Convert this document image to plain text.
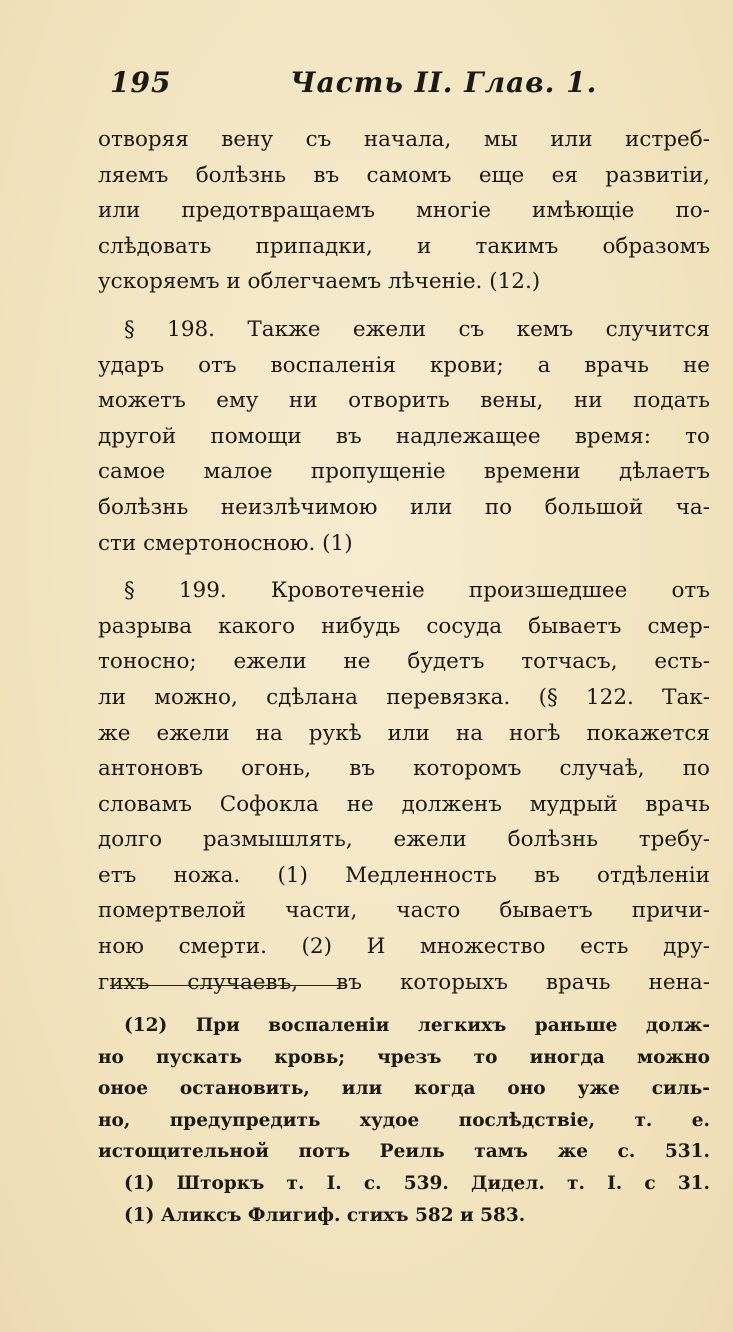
195	Часть II. Глав. 1.

отворяя вену съ начала, мы или истреб-
ляемъ болѣзнь въ самомъ еще ея развитіи,
или предотвращаемъ многіе имѣющіе по-
слѣдовать припадки, и такимъ образомъ
ускоряемъ и облегчаемъ лѣченіе. (12.)

§ 198. Также ежели съ кемъ случится
ударъ отъ воспаленія крови; а врачь не
можетъ ему ни отворить вены, ни подать
другой помощи въ надлежащее время: то
самое малое пропущеніе времени дѣлаетъ
болѣзнь неизлѣчимою или по большой ча-
сти смертоносною. (1)

§ 199. Кровотеченіе произшедшее отъ
разрыва какого нибудь сосуда бываетъ смер-
тоносно; ежели не будетъ тотчасъ, есть-
ли можно, сдѣлана перевязка. (§ 122. Так-
же ежели на рукѣ или на ногѣ покажется
антоновъ огонь, въ которомъ случаѣ, по
словамъ Софокла не долженъ мудрый врачь
долго размышлять, ежели болѣзнь требу-
етъ ножа. (1) Медленность въ отдѣленіи
помертвелой части, часто бываетъ причи-
ною смерти. (2) И множество есть дру-
гихъ случаевъ, въ которыхъ врачь нена-

(12) При воспаленіи легкихъ раньше долж-
но пускать кровь; чрезъ то иногда можно
оное остановить, или когда оно уже силь-
но, предупредить худое послѣдствіе, т. е.
истощительной потъ Реиль тамъ же с. 531.
(1) Шторкъ т. I. с. 539. Дидел. т. I. с 31.
(1) Аликсъ Флигиф. стихъ 582 и 583.
